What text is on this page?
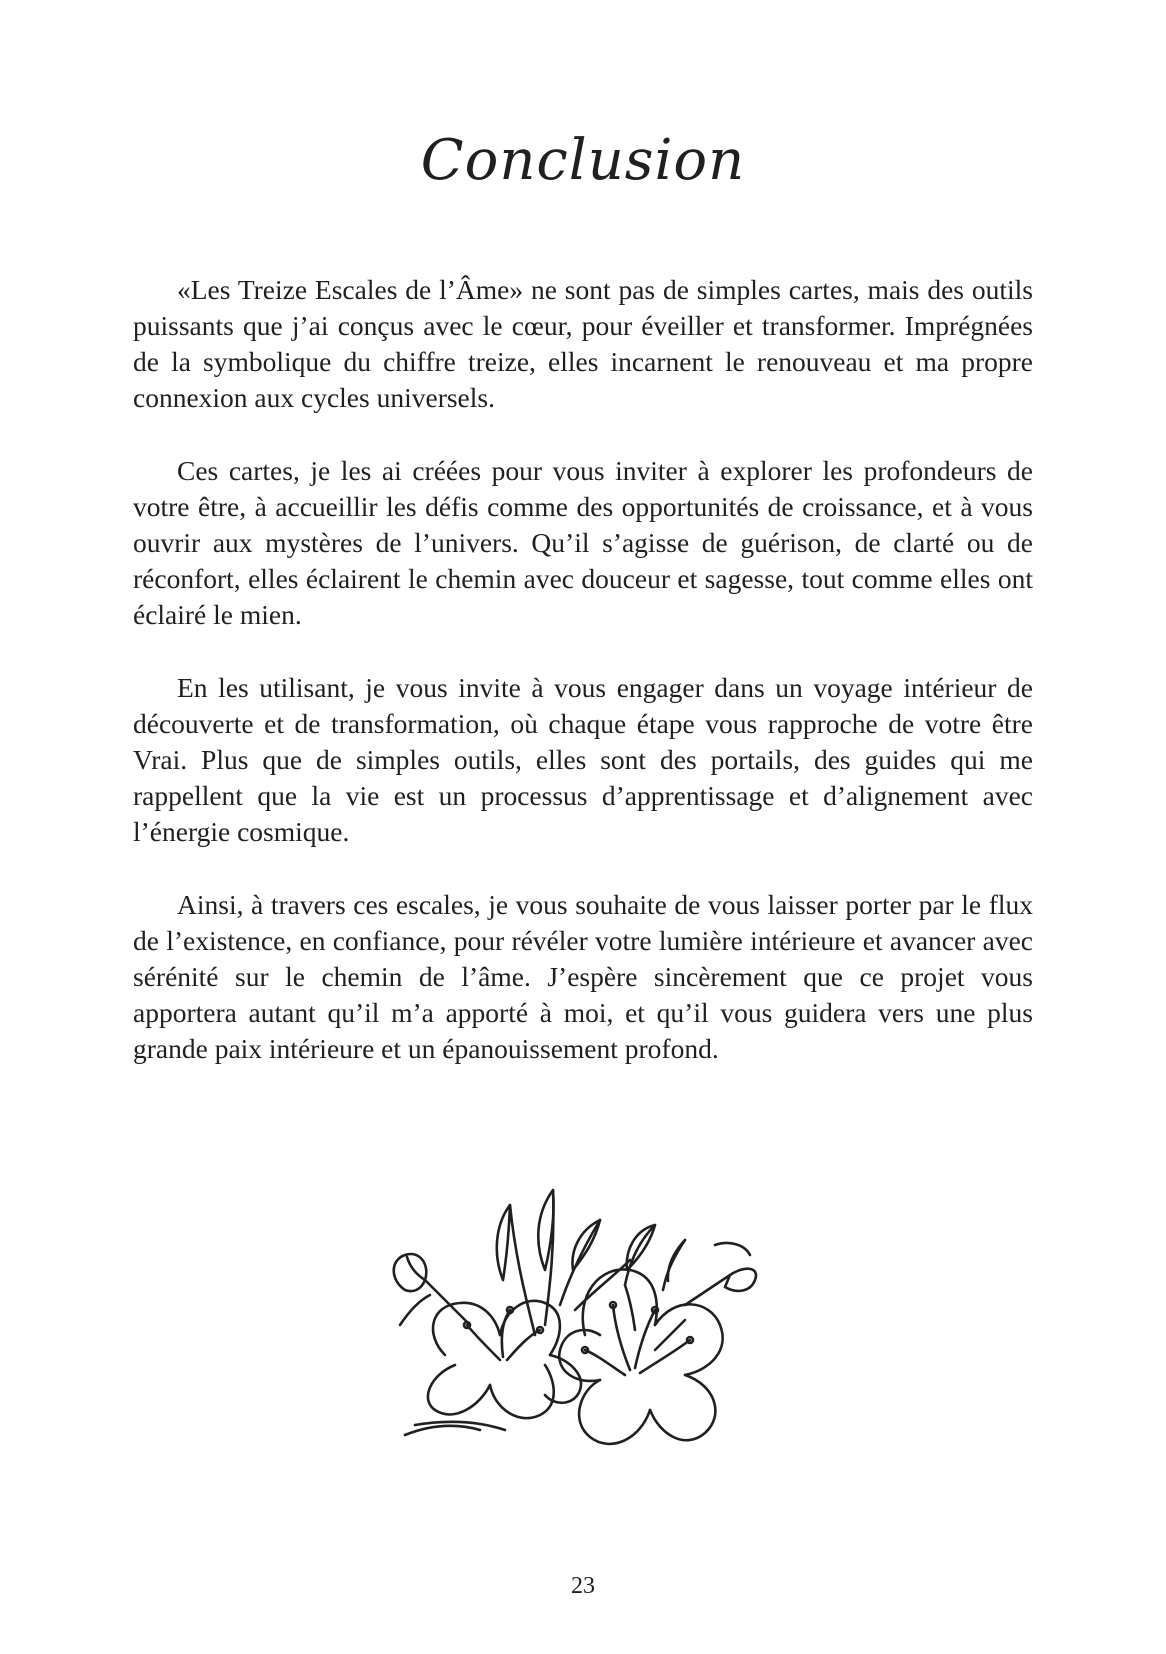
Conclusion

«Les Treize Escales de l’Âme» ne sont pas de simples cartes, mais des outils puissants que j’ai conçus avec le cœur, pour éveiller et transformer. Imprégnées de la symbolique du chiffre treize, elles incarnent le renouveau et ma propre connexion aux cycles universels.

Ces cartes, je les ai créées pour vous inviter à explorer les profondeurs de votre être, à accueillir les défis comme des opportunités de croissance, et à vous ouvrir aux mystères de l’univers. Qu’il s’agisse de guérison, de clarté ou de réconfort, elles éclairent le chemin avec douceur et sagesse, tout comme elles ont éclairé le mien.

En les utilisant, je vous invite à vous engager dans un voyage intérieur de découverte et de transformation, où chaque étape vous rapproche de votre être Vrai. Plus que de simples outils, elles sont des portails, des guides qui me rappellent que la vie est un processus d’apprentissage et d’alignement avec l’énergie cosmique.

Ainsi, à travers ces escales, je vous souhaite de vous laisser porter par le flux de l’existence, en confiance, pour révéler votre lumière intérieure et avancer avec sérénité sur le chemin de l’âme. J’espère sincèrement que ce projet vous apportera autant qu’il m’a apporté à moi, et qu’il vous guidera vers une plus grande paix intérieure et un épanouissement profond.

23
